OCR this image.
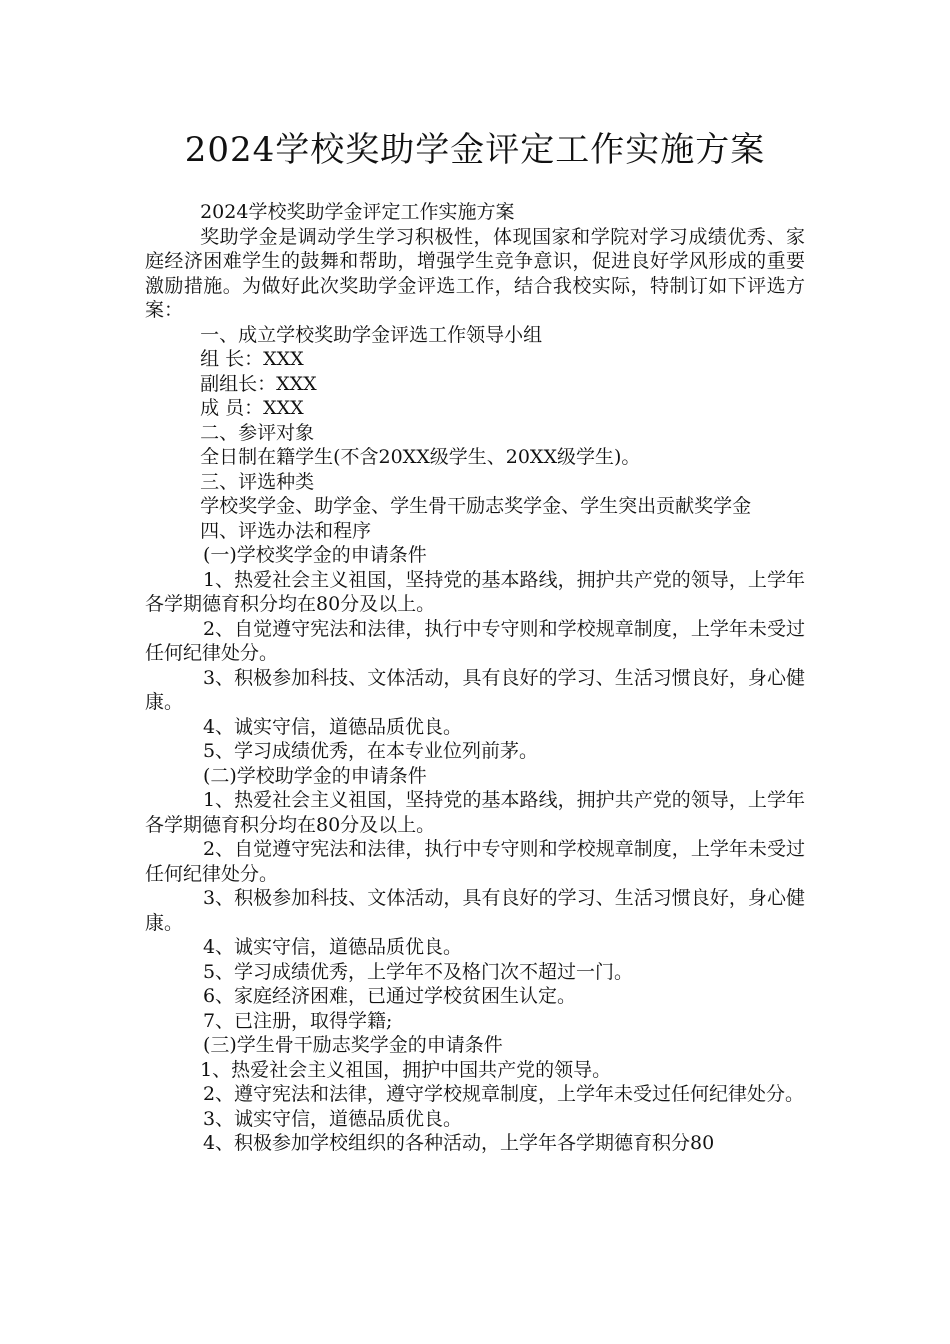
2024学校奖助学金评定工作实施方案

2024学校奖助学金评定工作实施方案

奖助学金是调动学生学习积极性，体现国家和学院对学习成绩优秀、家庭经济困难学生的鼓舞和帮助，增强学生竞争意识，促进良好学风形成的重要激励措施。为做好此次奖助学金评选工作，结合我校实际，特制订如下评选方案：

一、成立学校奖助学金评选工作领导小组

组 长：XXX

副组长：XXX

成 员：XXX

二、参评对象

全日制在籍学生(不含20XX级学生、20XX级学生)。

三、评选种类

学校奖学金、助学金、学生骨干励志奖学金、学生突出贡献奖学金

四、评选办法和程序

(一)学校奖学金的申请条件

1、热爱社会主义祖国，坚持党的基本路线，拥护共产党的领导，上学年各学期德育积分均在80分及以上。

2、自觉遵守宪法和法律，执行中专守则和学校规章制度，上学年未受过任何纪律处分。

3、积极参加科技、文体活动，具有良好的学习、生活习惯良好，身心健康。

4、诚实守信，道德品质优良。

5、学习成绩优秀，在本专业位列前茅。

(二)学校助学金的申请条件

1、热爱社会主义祖国，坚持党的基本路线，拥护共产党的领导，上学年各学期德育积分均在80分及以上。

2、自觉遵守宪法和法律，执行中专守则和学校规章制度，上学年未受过任何纪律处分。

3、积极参加科技、文体活动，具有良好的学习、生活习惯良好，身心健康。

4、诚实守信，道德品质优良。

5、学习成绩优秀，上学年不及格门次不超过一门。

6、家庭经济困难，已通过学校贫困生认定。

7、已注册，取得学籍;

(三)学生骨干励志奖学金的申请条件

1、热爱社会主义祖国，拥护中国共产党的领导。

2、遵守宪法和法律，遵守学校规章制度，上学年未受过任何纪律处分。

3、诚实守信，道德品质优良。

4、积极参加学校组织的各种活动，上学年各学期德育积分80
